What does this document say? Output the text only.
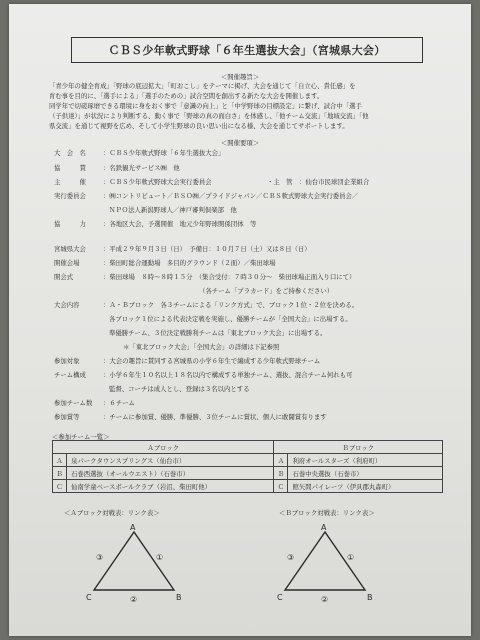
ＣＢＳ少年軟式野球「６年生選抜大会」（宮城県大会）
＜開催趣旨＞
「青少年の健全育成」「野球の底辺拡大」「町おこし」をテーマに掲げ、大会を通じて「自立心、責任感」を
育む事を目的に、「選手による」「選手のための」試合空間を創出する新たな大会を開催します。
同学年で切磋琢磨できる環境に身をおく事で「意識の向上」と「中学野球の目標設定」に繋げ、試合中「選手
（子供達）」が状況により判断する、動く事で「野球の真の面白さ」を体感し、「他チーム交流」「地域交流」「他
県交流」を通じて視野を広め、そして小学生野球の良い思い出になる様、大会を通じてサポートします。
＜開催要項＞
大　会　名	：ＣＢＳ少年軟式野球「６年生選抜大会」
協　　　賛	：名鉄観光サービス㈱　他
主　　　催	：ＣＢＳ少年軟式野球大会実行委員会	・主　管　：仙台市民球団企業組合
実行委員会	：㈱コントリビュート／ＢＳＯ㈱／プライドジャパン／ＣＢＳ軟式野球大会実行委員会／
ＮＰＯ法人新潟野球人／神戸審判倶楽部　他
協　　　力	：各地区大会、予選開催　地元少年野球関係団体　等
宮城県大会	：平成２９年９月３日（日）　予備日：１０月７日（土）又は８日（日）
開催会場	：柴田町総合運動場　多目的グラウンド（２面）／柴田球場
開会式	：柴田球場　８時～８時１５分　（集合受付：７時３０分～　柴田球場正面入り口にて）
（各チーム「プラカード」をご持参ください）
大会内容	：Ａ・Ｂブロック　各３チームによる「リンク方式」で、ブロック１位・２位を決める。
各ブロック１位による代表決定戦を実施し、優勝チームが「全国大会」に出場する。
準優勝チーム、３位決定戦勝利チームは「東北ブロック大会」に出場する。
＊「東北ブロック大会」「全国大会」の詳細は下記参照
参加対象	：大会の趣旨に賛同する宮城県の小学６年生で編成する少年軟式野球チーム
チーム構成	：小学６年生１０名以上１８名以内で構成する単独チーム、選抜、混合チーム何れも可
監督、コーチは成人とし、登録は３名以内とする
参加チーム数 ：６チーム
参加賞等	：チームに参加賞、優勝、準優勝、３位チームに賞状、個人に敢闘賞有ります
＜参加チーム一覧＞
Ａブロック		Ｂブロック	
Ａ	泉パークタウンスプリングス（仙台市）	Ａ	利府オールスターズ（利府町）
Ｂ	石巻西選抜（オールウエスト）（石巻市）	Ｂ	石巻中央選抜（石巻市）
Ｃ	仙南学童ベースボールクラブ（岩沼、柴田町他）	Ｃ	館矢間パイレーツ（伊具郡丸森町）
＜Ａブロック対戦表：リンク表＞	＜Ｂブロック対戦表：リンク表＞
A
C	B
①
②
③
A
C	B
①
②
③
